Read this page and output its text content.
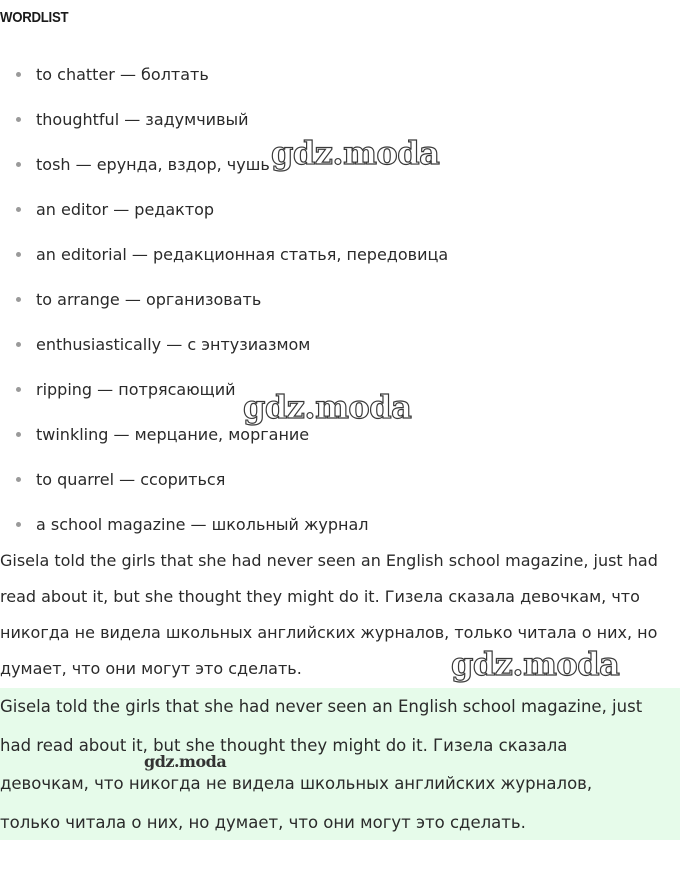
WORDLIST
to chatter — болтать
thoughtful — задумчивый
tosh — ерунда, вздор, чушь
an editor — редактор
an editorial — редакционная статья, передовица
to arrange — организовать
enthusiastically — с энтузиазмом
ripping — потрясающий
twinkling — мерцание, моргание
to quarrel — ссориться
a school magazine — школьный журнал
Gisela told the girls that she had never seen an English school magazine, just had
read about it, but she thought they might do it. Гизела сказала девочкам, что
никогда не видела школьных английских журналов, только читала о них, но
думает, что они могут это сделать.
Gisela told the girls that she had never seen an English school magazine, just
had read about it, but she thought they might do it. Гизела сказала
девочкам, что никогда не видела школьных английских журналов,
только читала о них, но думает, что они могут это сделать.
gdz.moda
gdz.moda
gdz.moda
gdz.moda
